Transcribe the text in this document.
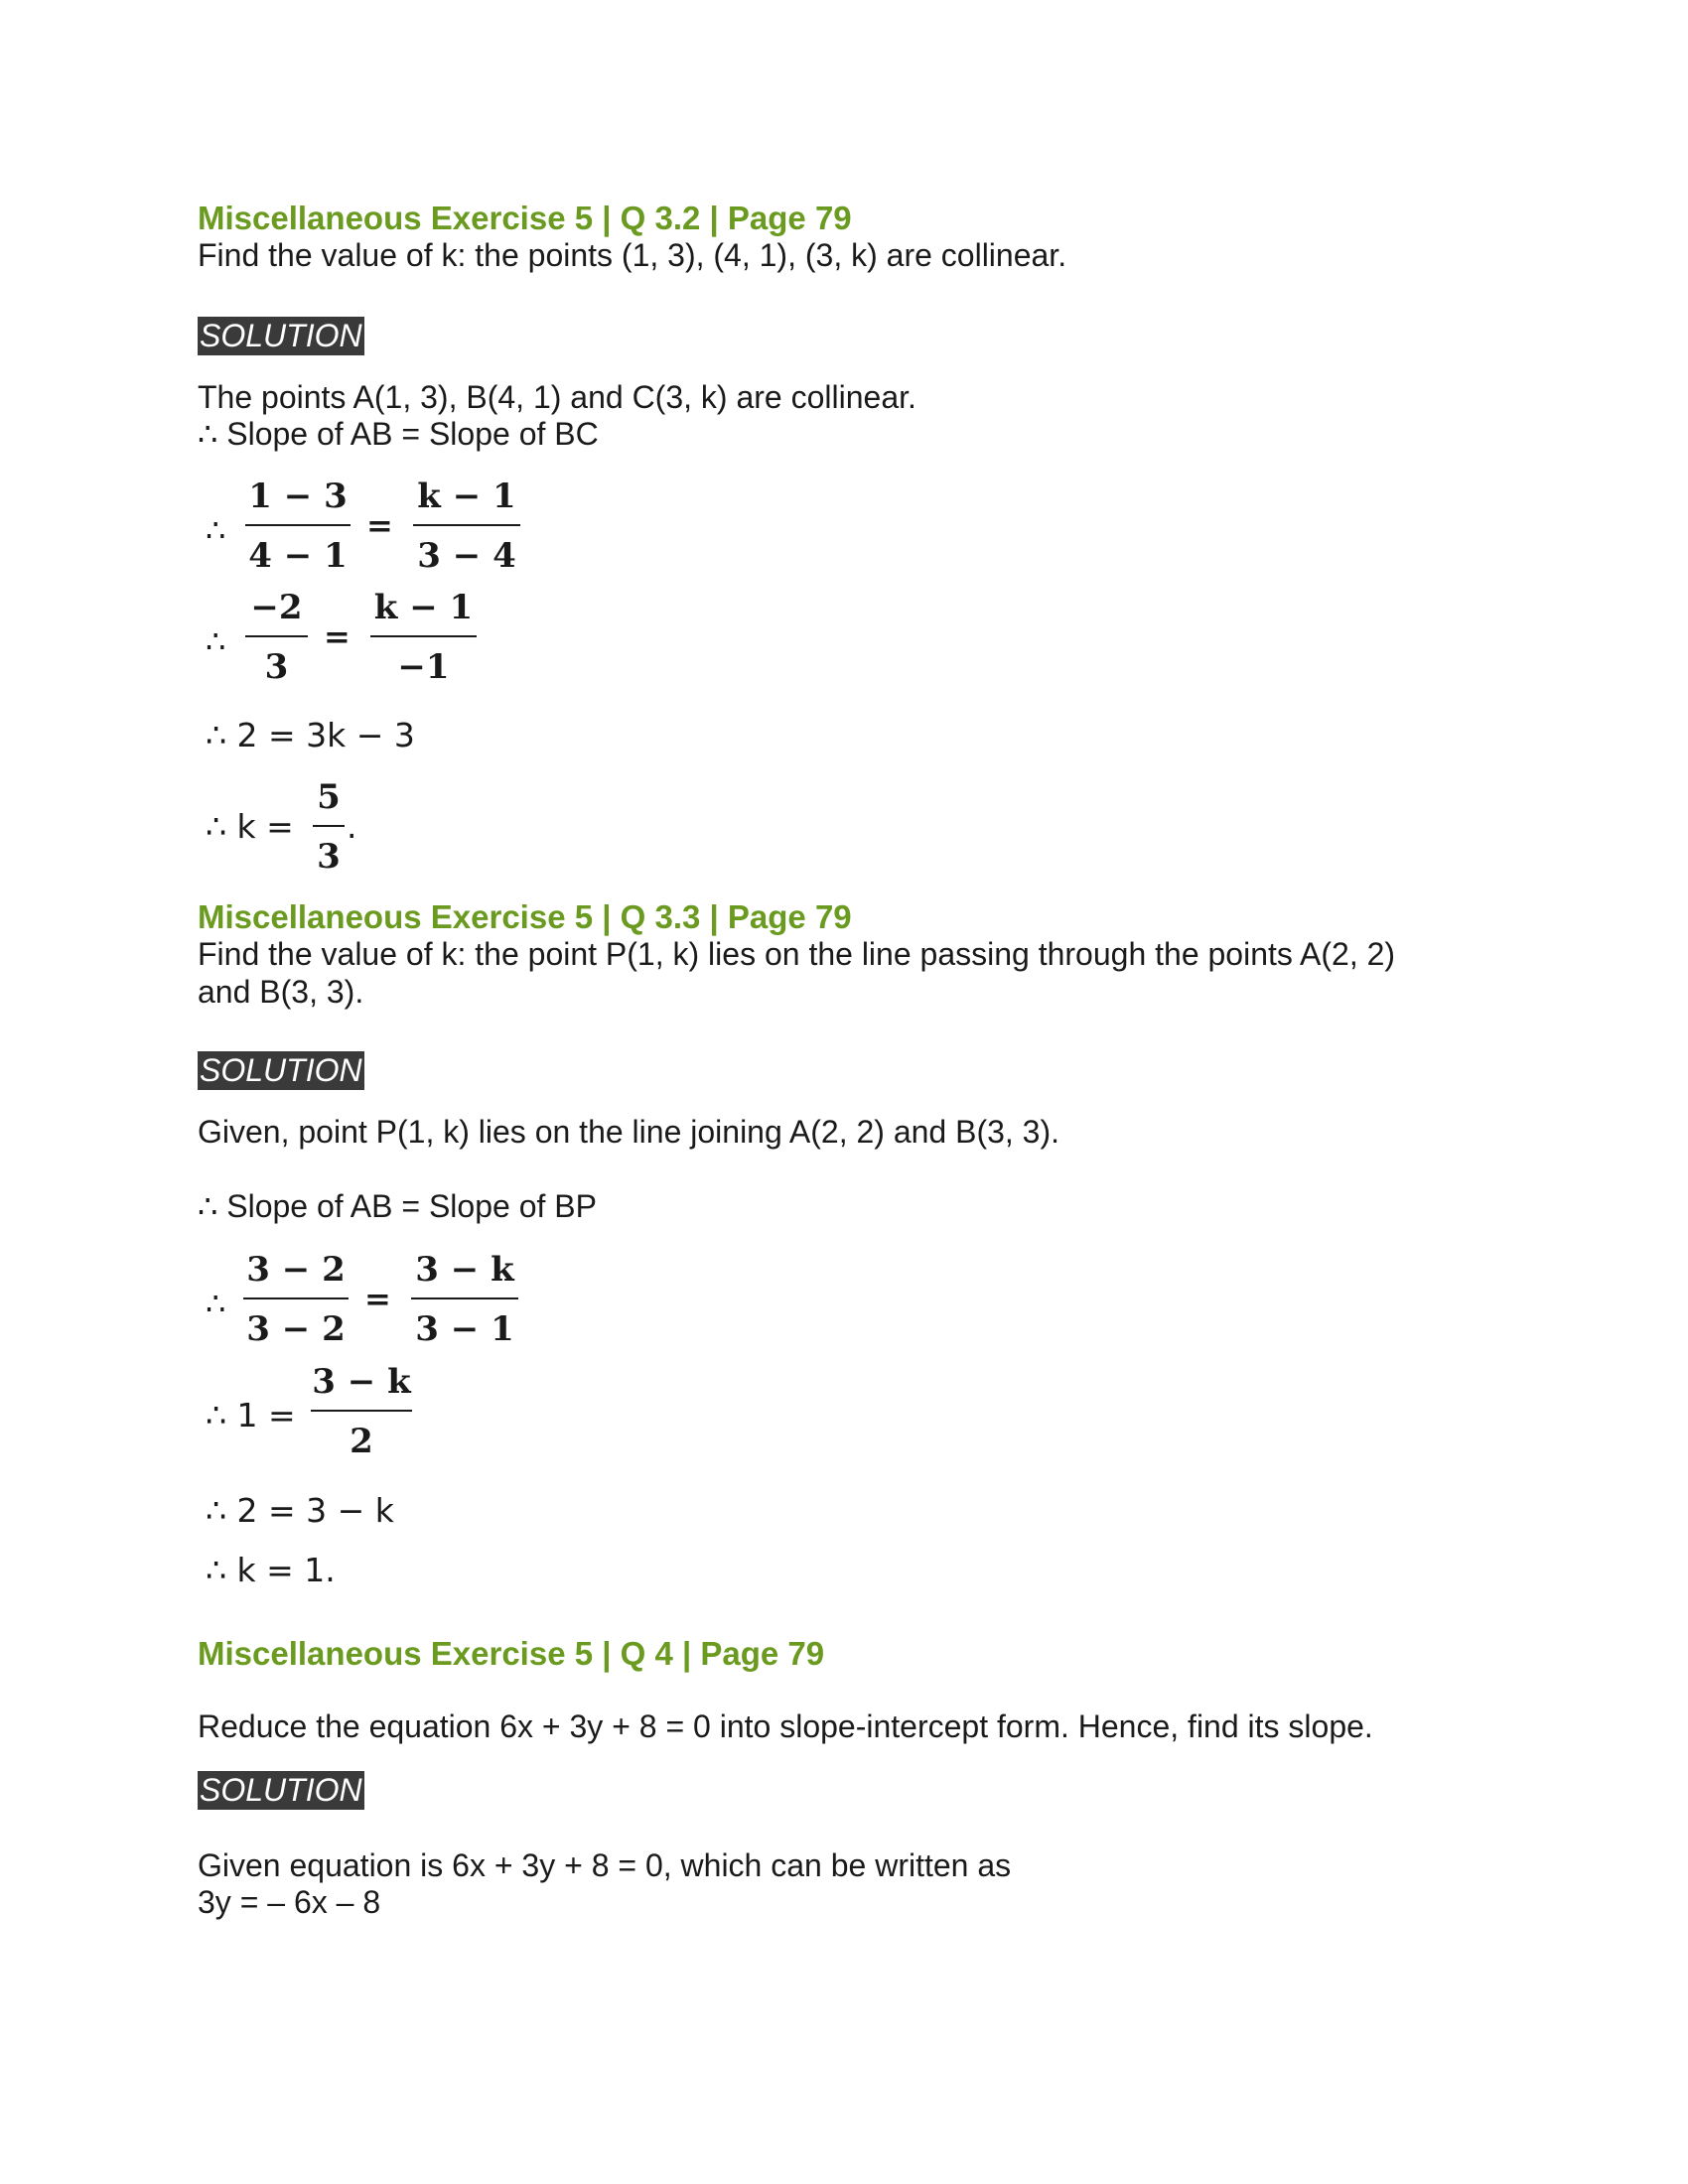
Miscellaneous Exercise 5 | Q 3.2 | Page 79
Find the value of k: the points (1, 3), (4, 1), (3, k) are collinear.
SOLUTION
The points A(1, 3), B(4, 1) and C(3, k) are collinear.
∴ Slope of AB = Slope of BC
∴
1 − 3
4 − 1
=
k − 1
3 − 4
∴
−2
3
=
k − 1
−1
∴ 2 = 3k − 3
∴ k =
5
3
.
Miscellaneous Exercise 5 | Q 3.3 | Page 79
Find the value of k: the point P(1, k) lies on the line passing through the points A(2, 2)
and B(3, 3).
SOLUTION
Given, point P(1, k) lies on the line joining A(2, 2) and B(3, 3).
∴ Slope of AB = Slope of BP
∴
3 − 2
3 − 2
=
3 − k
3 − 1
∴ 1 =
3 − k
2
∴ 2 = 3 − k
∴ k = 1.
Miscellaneous Exercise 5 | Q 4 | Page 79
Reduce the equation 6x + 3y + 8 = 0 into slope-intercept form. Hence, find its slope.
SOLUTION
Given equation is 6x + 3y + 8 = 0, which can be written as
3y = – 6x – 8
